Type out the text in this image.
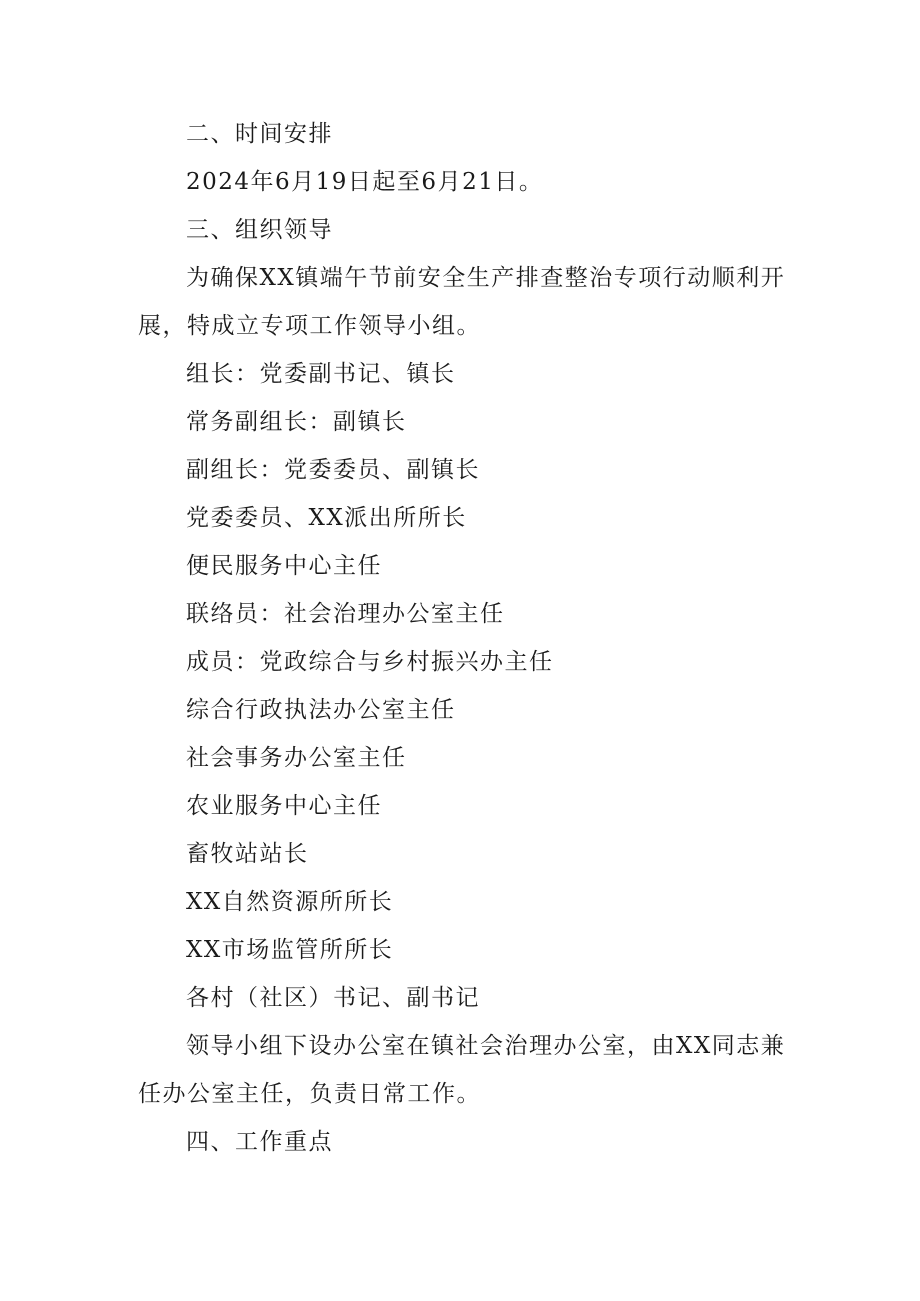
二、时间安排

2024年6月19日起至6月21日。

三、组织领导

为确保XX镇端午节前安全生产排查整治专项行动顺利开展，特成立专项工作领导小组。

组长：党委副书记、镇长

常务副组长：副镇长

副组长：党委委员、副镇长

党委委员、XX派出所所长

便民服务中心主任

联络员：社会治理办公室主任

成员：党政综合与乡村振兴办主任

综合行政执法办公室主任

社会事务办公室主任

农业服务中心主任

畜牧站站长

XX自然资源所所长

XX市场监管所所长

各村（社区）书记、副书记

领导小组下设办公室在镇社会治理办公室，由XX同志兼任办公室主任，负责日常工作。

四、工作重点
